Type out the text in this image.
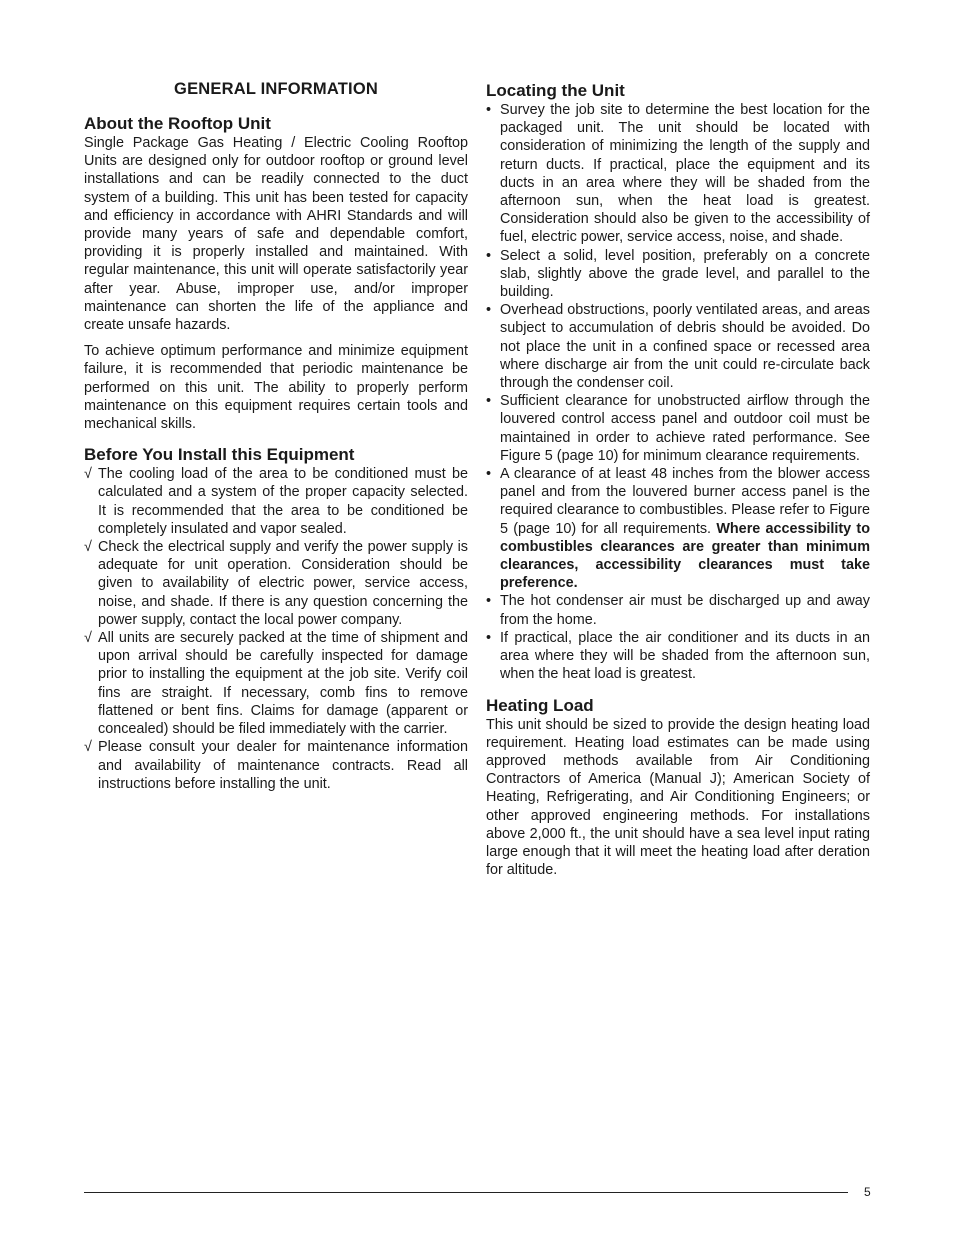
GENERAL INFORMATION
About the Rooftop Unit

Single Package Gas Heating / Electric Cooling Rooftop Units are designed only for outdoor rooftop or ground level installations and can be readily connected to the duct system of a building. This unit has been tested for capacity and efficiency in accordance with AHRI Standards and will provide many years of safe and dependable comfort, providing it is properly installed and maintained. With regular maintenance, this unit will operate satisfactorily year after year. Abuse, improper use, and/or improper maintenance can shorten the life of the appliance and create unsafe hazards.

To achieve optimum performance and minimize equipment failure, it is recommended that periodic maintenance be performed on this unit. The ability to properly perform maintenance on this equipment requires certain tools and mechanical skills.

Before You Install this Equipment
√ The cooling load of the area to be conditioned must be calculated and a system of the proper capacity selected. It is recommended that the area to be conditioned be completely insulated and vapor sealed.
√ Check the electrical supply and verify the power supply is adequate for unit operation. Consideration should be given to availability of electric power, service access, noise, and shade. If there is any question concerning the power supply, contact the local power company.
√ All units are securely packed at the time of shipment and upon arrival should be carefully inspected for damage prior to installing the equipment at the job site. Verify coil fins are straight. If necessary, comb fins to remove flattened or bent fins. Claims for damage (apparent or concealed) should be filed immediately with the carrier.
√ Please consult your dealer for maintenance information and availability of maintenance contracts. Read all instructions before installing the unit.
Locating the Unit
• Survey the job site to determine the best location for the packaged unit. The unit should be located with consideration of minimizing the length of the supply and return ducts. If practical, place the equipment and its ducts in an area where they will be shaded from the afternoon sun, when the heat load is greatest. Consideration should also be given to the accessibility of fuel, electric power, service access, noise, and shade.
• Select a solid, level position, preferably on a concrete slab, slightly above the grade level, and parallel to the building.
• Overhead obstructions, poorly ventilated areas, and areas subject to accumulation of debris should be avoided. Do not place the unit in a confined space or recessed area where discharge air from the unit could re-circulate back through the condenser coil.
• Sufficient clearance for unobstructed airflow through the louvered control access panel and outdoor coil must be maintained in order to achieve rated performance. See Figure 5 (page 10) for minimum clearance requirements.
• A clearance of at least 48 inches from the blower access panel and from the louvered burner access panel is the required clearance to combustibles. Please refer to Figure 5 (page 10) for all requirements. Where accessibility to combustibles clearances are greater than minimum clearances, accessibility clearances must take preference.
• The hot condenser air must be discharged up and away from the home.
• If practical, place the air conditioner and its ducts in an area where they will be shaded from the afternoon sun, when the heat load is greatest.
Heating Load

This unit should be sized to provide the design heating load requirement. Heating load estimates can be made using approved methods available from Air Conditioning Contractors of America (Manual J); American Society of Heating, Refrigerating, and Air Conditioning Engineers; or other approved engineering methods. For installations above 2,000 ft., the unit should have a sea level input rating large enough that it will meet the heating load after deration for altitude.

5
